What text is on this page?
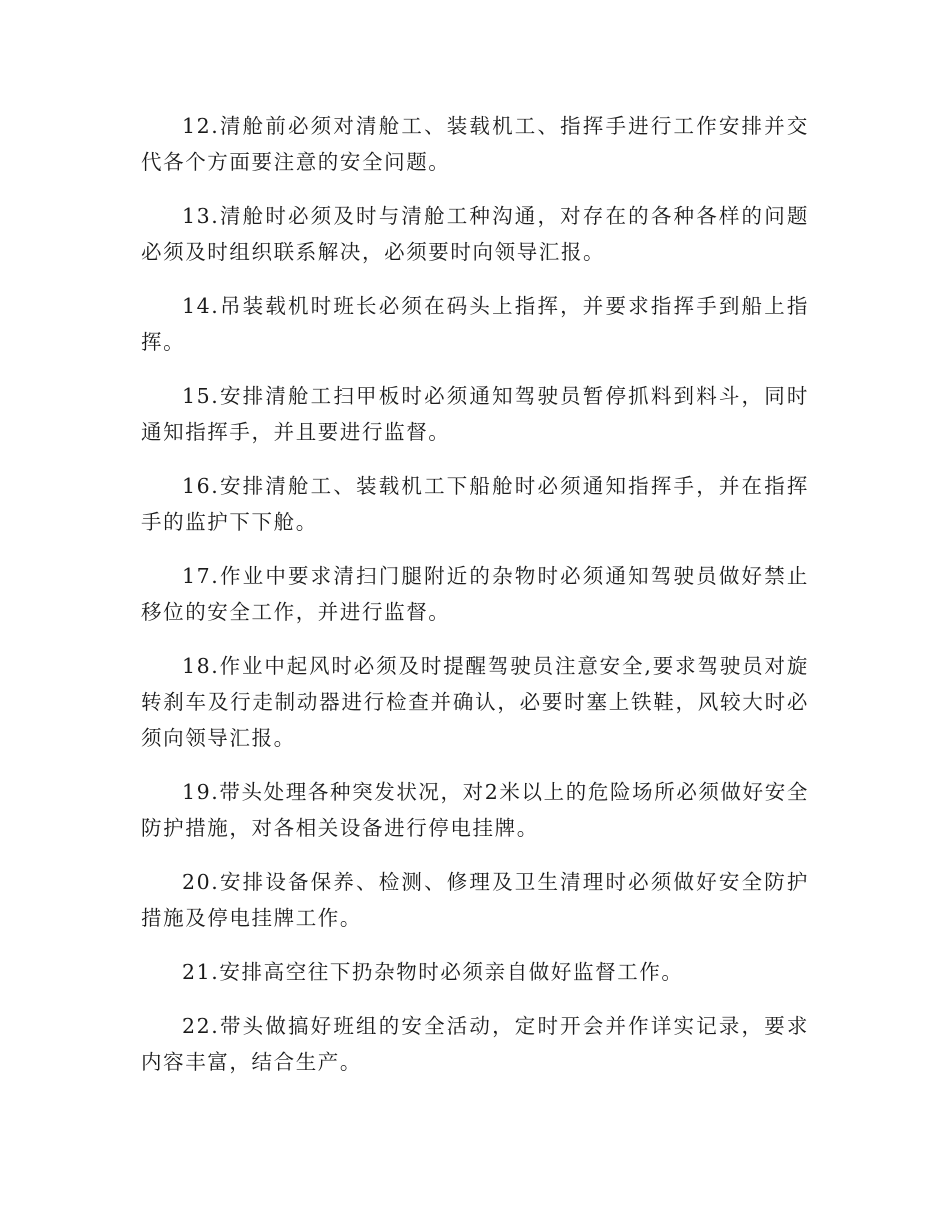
12.清舱前必须对清舱工、装载机工、指挥手进行工作安排并交代各个方面要注意的安全问题。

13.清舱时必须及时与清舱工种沟通，对存在的各种各样的问题必须及时组织联系解决，必须要时向领导汇报。

14.吊装载机时班长必须在码头上指挥，并要求指挥手到船上指挥。

15.安排清舱工扫甲板时必须通知驾驶员暂停抓料到料斗，同时通知指挥手，并且要进行监督。

16.安排清舱工、装载机工下船舱时必须通知指挥手，并在指挥手的监护下下舱。

17.作业中要求清扫门腿附近的杂物时必须通知驾驶员做好禁止移位的安全工作，并进行监督。

18.作业中起风时必须及时提醒驾驶员注意安全,要求驾驶员对旋转刹车及行走制动器进行检查并确认，必要时塞上铁鞋，风较大时必须向领导汇报。

19.带头处理各种突发状况，对2米以上的危险场所必须做好安全防护措施，对各相关设备进行停电挂牌。

20.安排设备保养、检测、修理及卫生清理时必须做好安全防护措施及停电挂牌工作。

21.安排高空往下扔杂物时必须亲自做好监督工作。

22.带头做搞好班组的安全活动，定时开会并作详实记录，要求内容丰富，结合生产。
